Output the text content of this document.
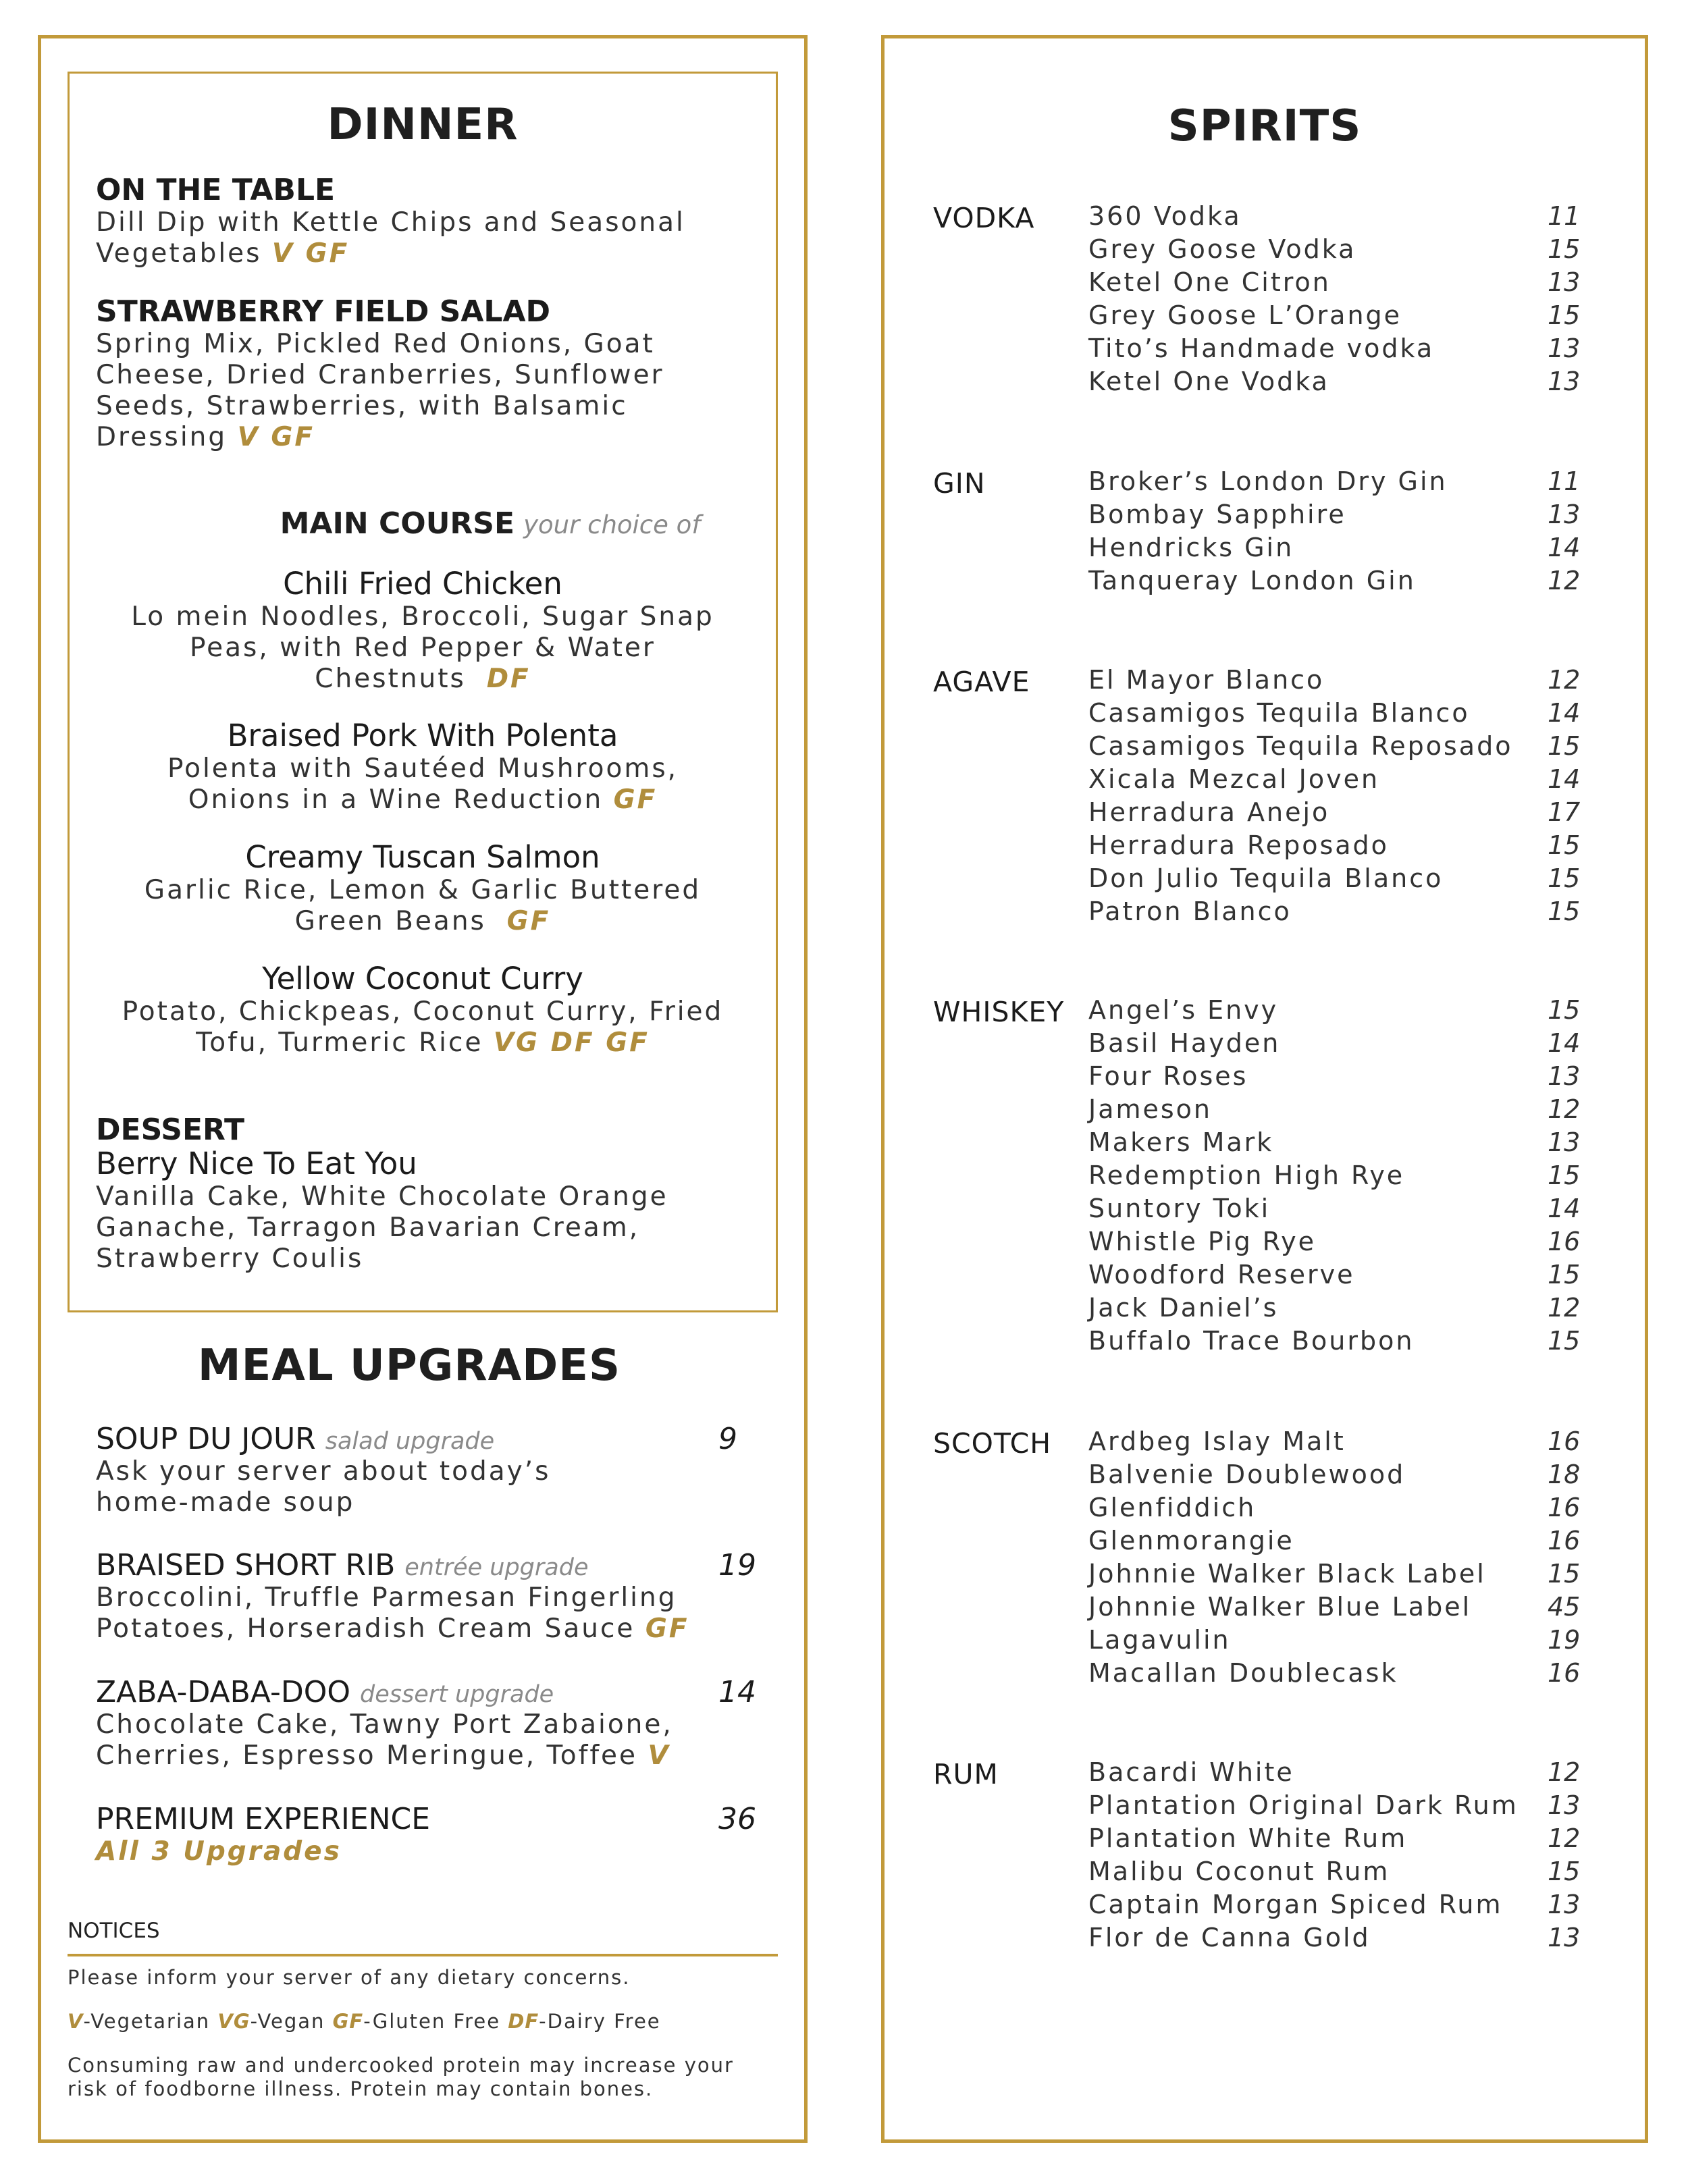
DINNER
ON THE TABLE
Dill Dip with Kettle Chips and Seasonal
Vegetables V GF
STRAWBERRY FIELD SALAD
Spring Mix, Pickled Red Onions, Goat
Cheese, Dried Cranberries, Sunflower
Seeds, Strawberries, with Balsamic
Dressing V GF
MAIN COURSE your choice of
Chili Fried Chicken
Lo mein Noodles, Broccoli, Sugar Snap
Peas, with Red Pepper & Water
Chestnuts DF
Braised Pork With Polenta
Polenta with Sautéed Mushrooms,
Onions in a Wine Reduction GF
Creamy Tuscan Salmon
Garlic Rice, Lemon & Garlic Buttered
Green Beans GF
Yellow Coconut Curry
Potato, Chickpeas, Coconut Curry, Fried
Tofu, Turmeric Rice VG DF GF
DESSERT
Berry Nice To Eat You
Vanilla Cake, White Chocolate Orange
Ganache, Tarragon Bavarian Cream,
Strawberry Coulis
MEAL UPGRADES
SOUP DU JOUR salad upgrade
Ask your server about today’s
home-made soup
9
BRAISED SHORT RIB entrée upgrade
Broccolini, Truffle Parmesan Fingerling
Potatoes, Horseradish Cream Sauce GF
19
ZABA-DABA-DOO dessert upgrade
Chocolate Cake, Tawny Port Zabaione,
Cherries, Espresso Meringue, Toffee V
14
PREMIUM EXPERIENCE
All 3 Upgrades
36
NOTICES

Please inform your server of any dietary concerns.

V-Vegetarian VG-Vegan GF-Gluten Free DF-Dairy Free

Consuming raw and undercooked protein may increase your
risk of foodborne illness. Protein may contain bones.

SPIRITS
VODKA 360 Vodka	11
Grey Goose Vodka	15
Ketel One Citron	13
Grey Goose L’Orange	15
Tito’s Handmade vodka	13
Ketel One Vodka	13
GIN	Broker’s London Dry Gin	11
Bombay Sapphire	13
Hendricks Gin	14
Tanqueray London Gin	12
AGAVE El Mayor Blanco	12
Casamigos Tequila Blanco	14
Casamigos Tequila Reposado 15
Xicala Mezcal Joven	14
Herradura Anejo	17
Herradura Reposado	15
Don Julio Tequila Blanco	15
Patron Blanco	15
WHISKEY Angel’s Envy	15
Basil Hayden	14
Four Roses	13
Jameson	12
Makers Mark	13
Redemption High Rye	15
Suntory Toki	14
Whistle Pig Rye	16
Woodford Reserve	15
Jack Daniel’s	12
Buffalo Trace Bourbon	15
SCOTCH Ardbeg Islay Malt	16
Balvenie Doublewood	18
Glenfiddich	16
Glenmorangie	16
Johnnie Walker Black Label 15
Johnnie Walker Blue Label	45
Lagavulin	19
Macallan Doublecask	16
RUM	Bacardi White	12
Plantation Original Dark Rum 13
Plantation White Rum	12
Malibu Coconut Rum	15
Captain Morgan Spiced Rum 13
Flor de Canna Gold	13
